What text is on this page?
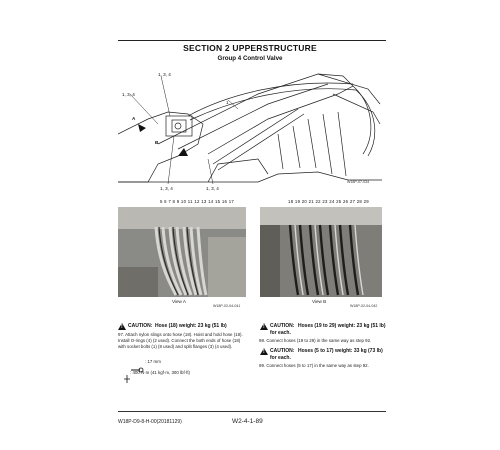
SECTION 2 UPPERSTRUCTURE
Group 4 Control Valve
1, 3, 4
1, 3, 4
1
1, 3, 4	1, 3, 4
A
B
W18P-07-034
5 6 7 8 9 10 11 12 13 14 15 16 17
View A
W18P-02-04-041
18 19 20 21 22 23 24 25 26 27 28 29
View B
W18P-02-04-042
! CAUTION: Hose (18) weight: 23 kg (51 lb)
97. Attach nylon slings onto hose (18). Hoist and hold hose (18). Install O-rings (4) (2 used). Connect the both ends of hose (18) with socket bolts (1) (8 used) and split flanges (3) (4 used).
: 17 mm
: 400 N·m (41 kgf·m, 300 lbf·ft)
! CAUTION: Hoses (19 to 29) weight: 23 kg (51 lb)
for each.
98. Connect hoses (19 to 29) in the same way as step 92.
! CAUTION: Hoses (5 to 17) weight: 33 kg (73 lb)
for each.
99. Connect hoses (5 to 17) in the same way as step 92.
W18P-D9-8-H-00(20181129)	W2-4-1-89
